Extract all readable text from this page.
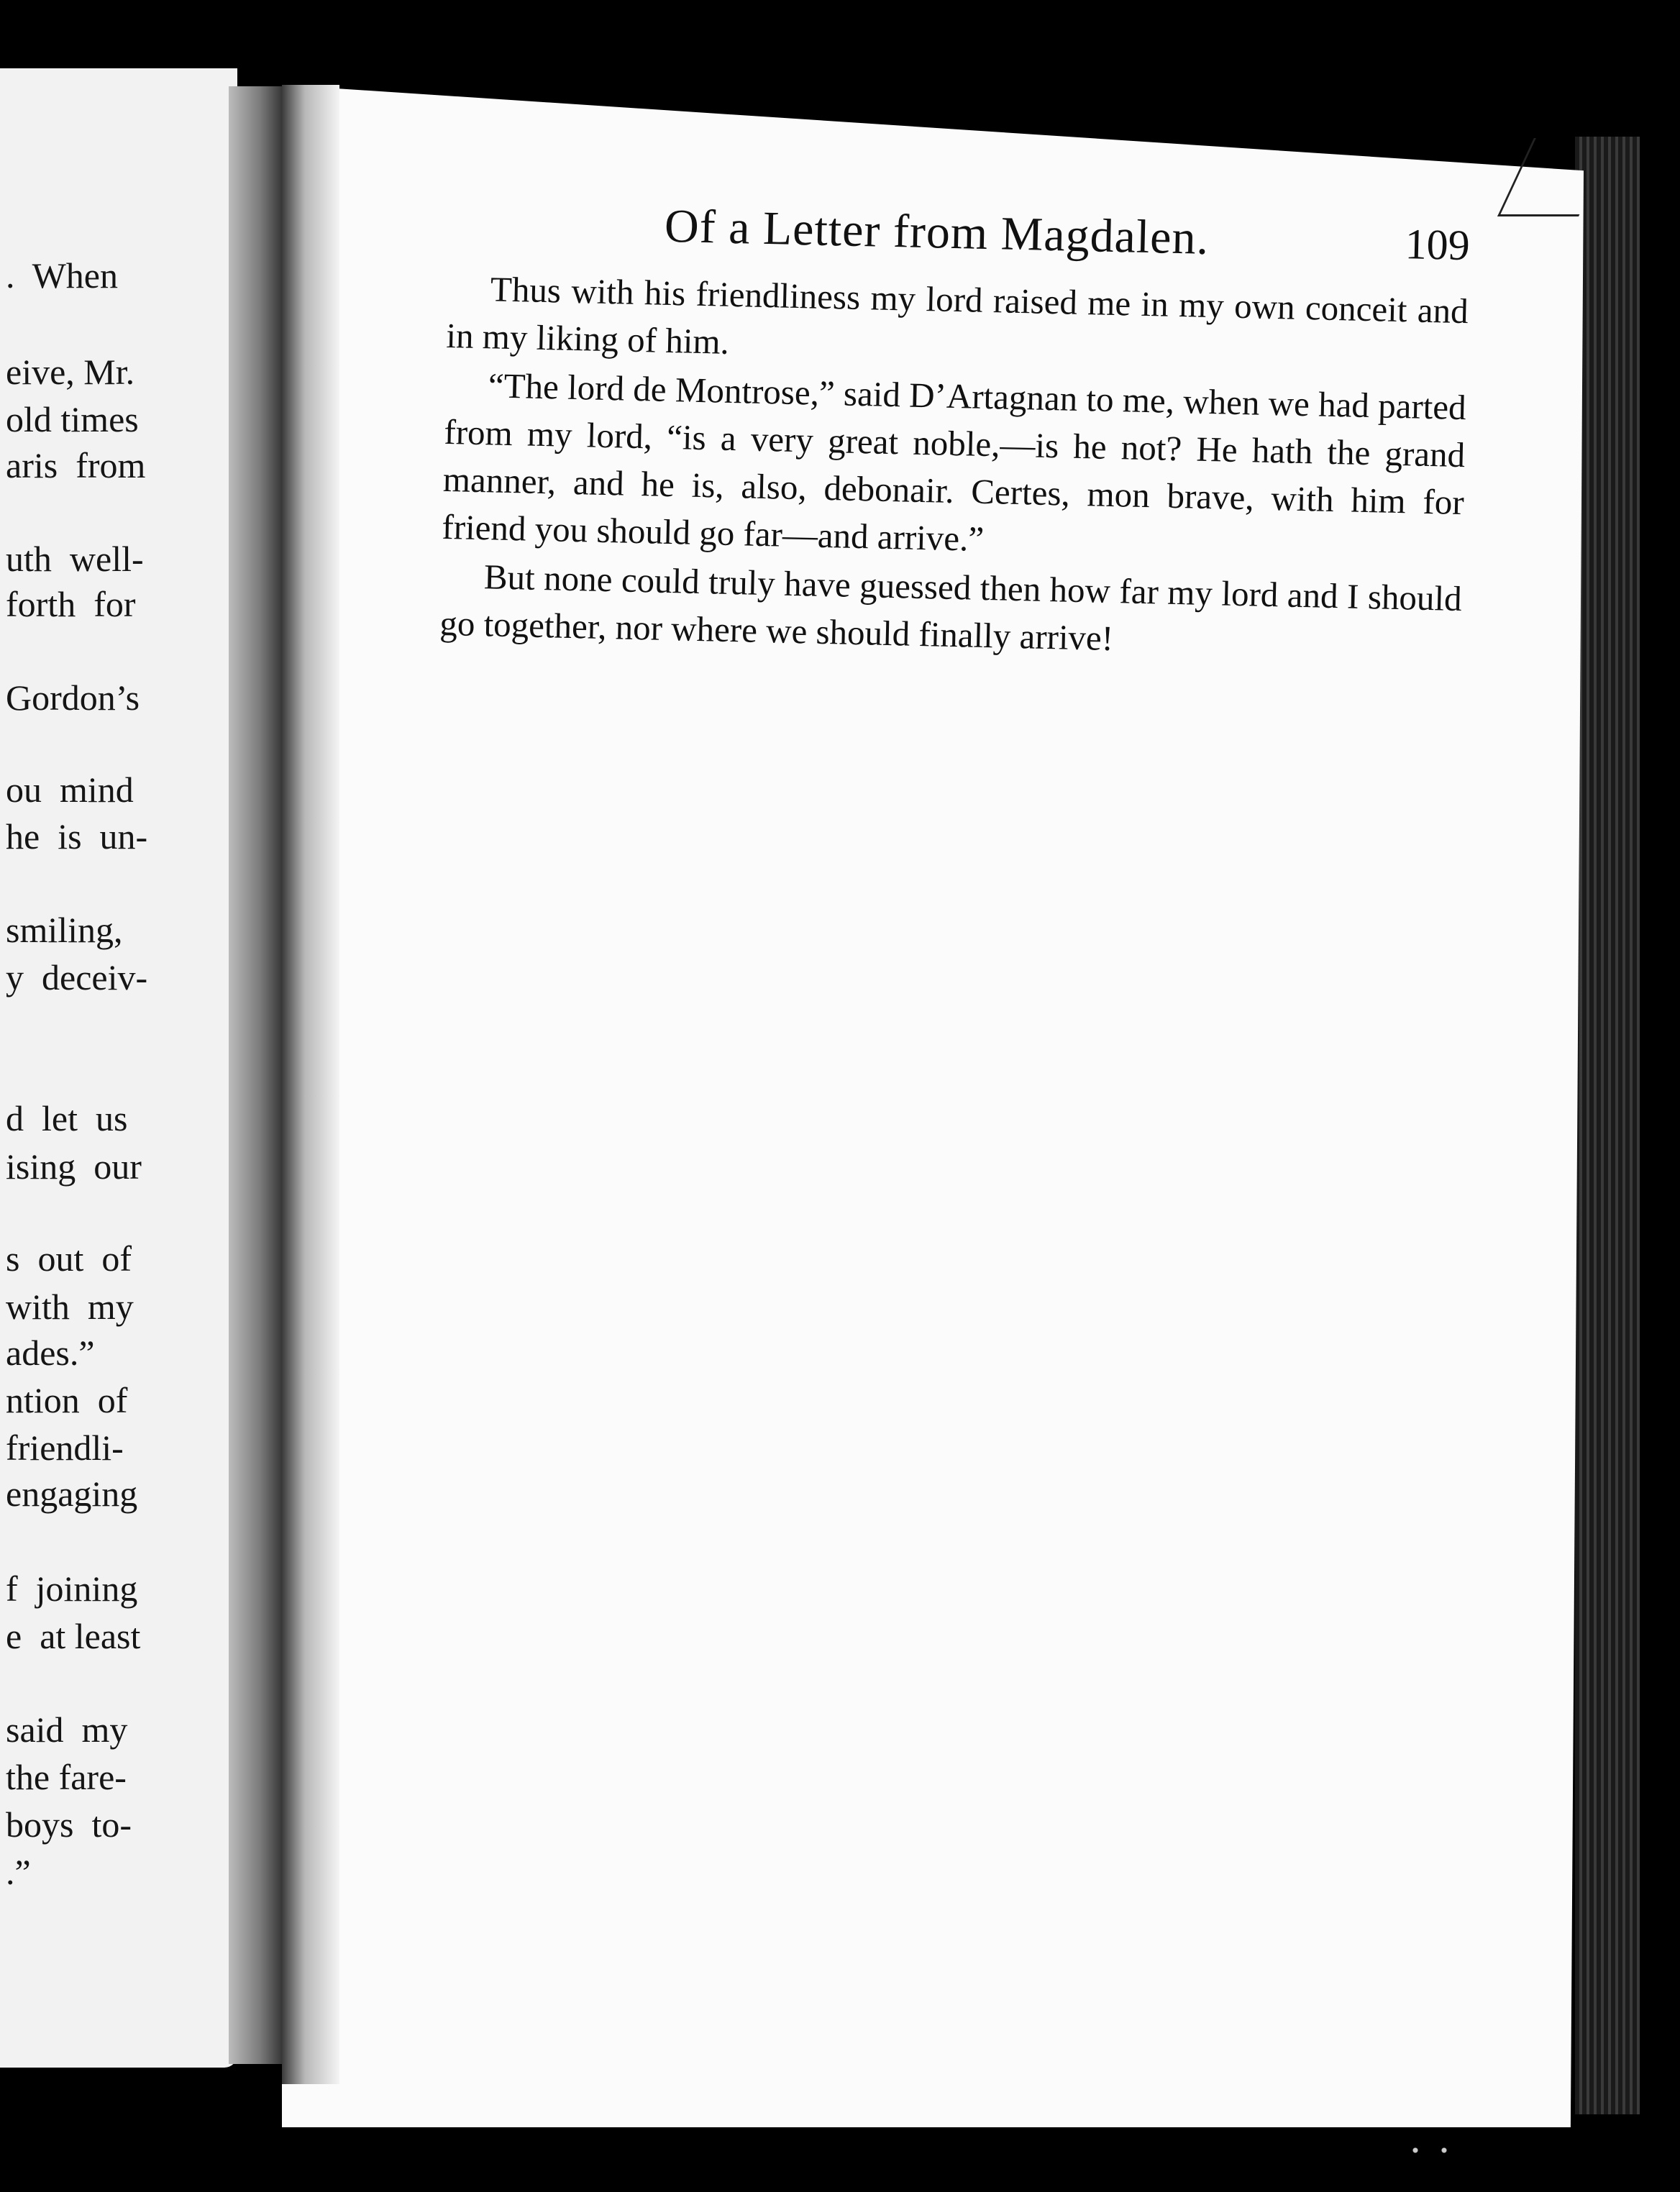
.  When
eive, Mr.
old times
aris  from
uth  well-
forth  for
Gordon’s
ou  mind
he  is  un-
smiling,
y  deceiv-
d  let  us
ising  our
s  out  of
with  my
ades.”
ntion  of
friendli-
engaging
f  joining
e  at least
said  my
the fare-
boys  to-
.”
Of a Letter from Magdalen.	109

Thus with his friendliness my lord raised me in my own conceit and in my liking of him.

“The lord de Montrose,” said D’Artagnan to me, when we had parted from my lord, “is a very great noble,—is he not? He hath the grand manner, and he is, also, debonair. Certes, mon brave, with him for friend you should go far—and arrive.”

But none could truly have guessed then how far my lord and I should go together, nor where we should finally arrive!
